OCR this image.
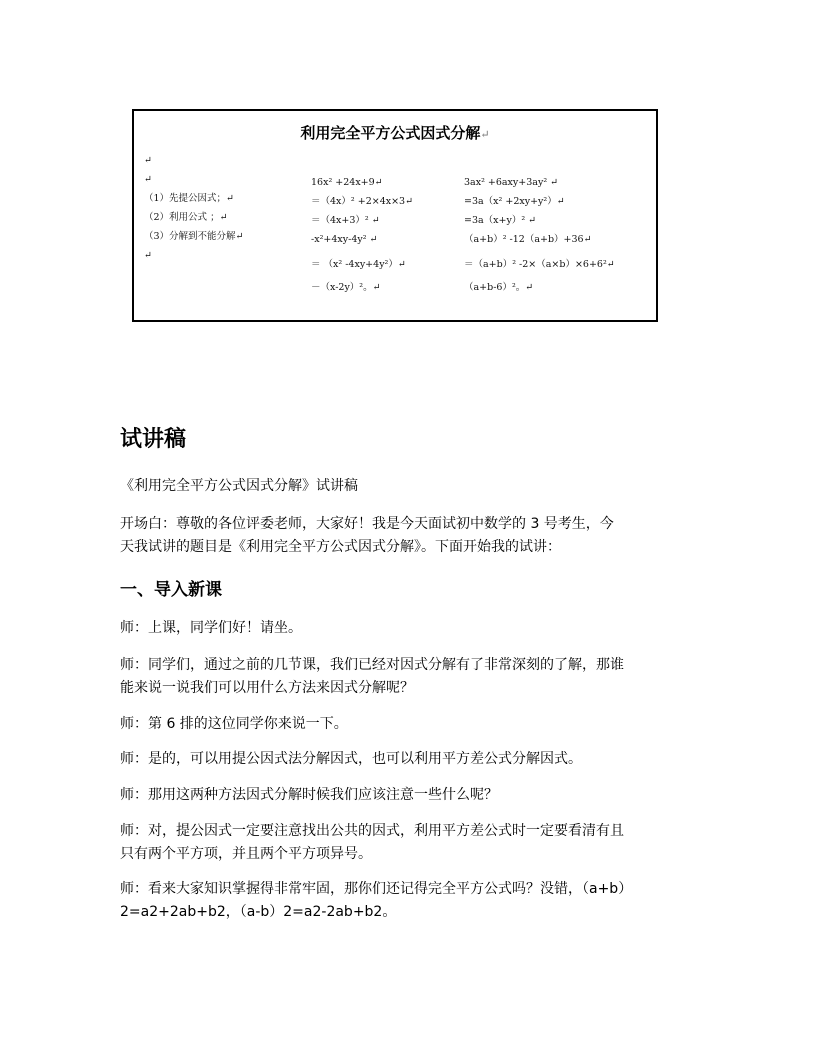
利用完全平方公式因式分解↵
↵
↵
（1）先提公因式；↵
（2）利用公式 ；↵
（3）分解到不能分解↵
↵
16x² +24x+9↵
＝（4x）² +2×4x×3↵
＝（4x+3）² ↵
-x²+4xy-4y² ↵
＝ （x² -4xy+4y²）↵
－（x-2y）²。↵
3ax² +6axy+3ay² ↵
=3a（x² +2xy+y²）↵
=3a（x+y）² ↵
（a+b）² -12（a+b）+36↵
＝（a+b）² -2×（a×b）×6+6²↵
（a+b-6）²。↵
试讲稿
《利用完全平方公式因式分解》试讲稿
开场白：尊敬的各位评委老师，大家好！我是今天面试初中数学的 3 号考生，今
天我试讲的题目是《利用完全平方公式因式分解》。下面开始我的试讲：
一、导入新课
师：上课，同学们好！请坐。
师：同学们，通过之前的几节课，我们已经对因式分解有了非常深刻的了解，那谁
能来说一说我们可以用什么方法来因式分解呢？
师：第 6 排的这位同学你来说一下。
师：是的，可以用提公因式法分解因式，也可以利用平方差公式分解因式。
师：那用这两种方法因式分解时候我们应该注意一些什么呢？
师：对，提公因式一定要注意找出公共的因式，利用平方差公式时一定要看清有且
只有两个平方项，并且两个平方项异号。
师：看来大家知识掌握得非常牢固，那你们还记得完全平方公式吗？没错，（a+b）
2=a2+2ab+b2，（a-b）2=a2-2ab+b2。
